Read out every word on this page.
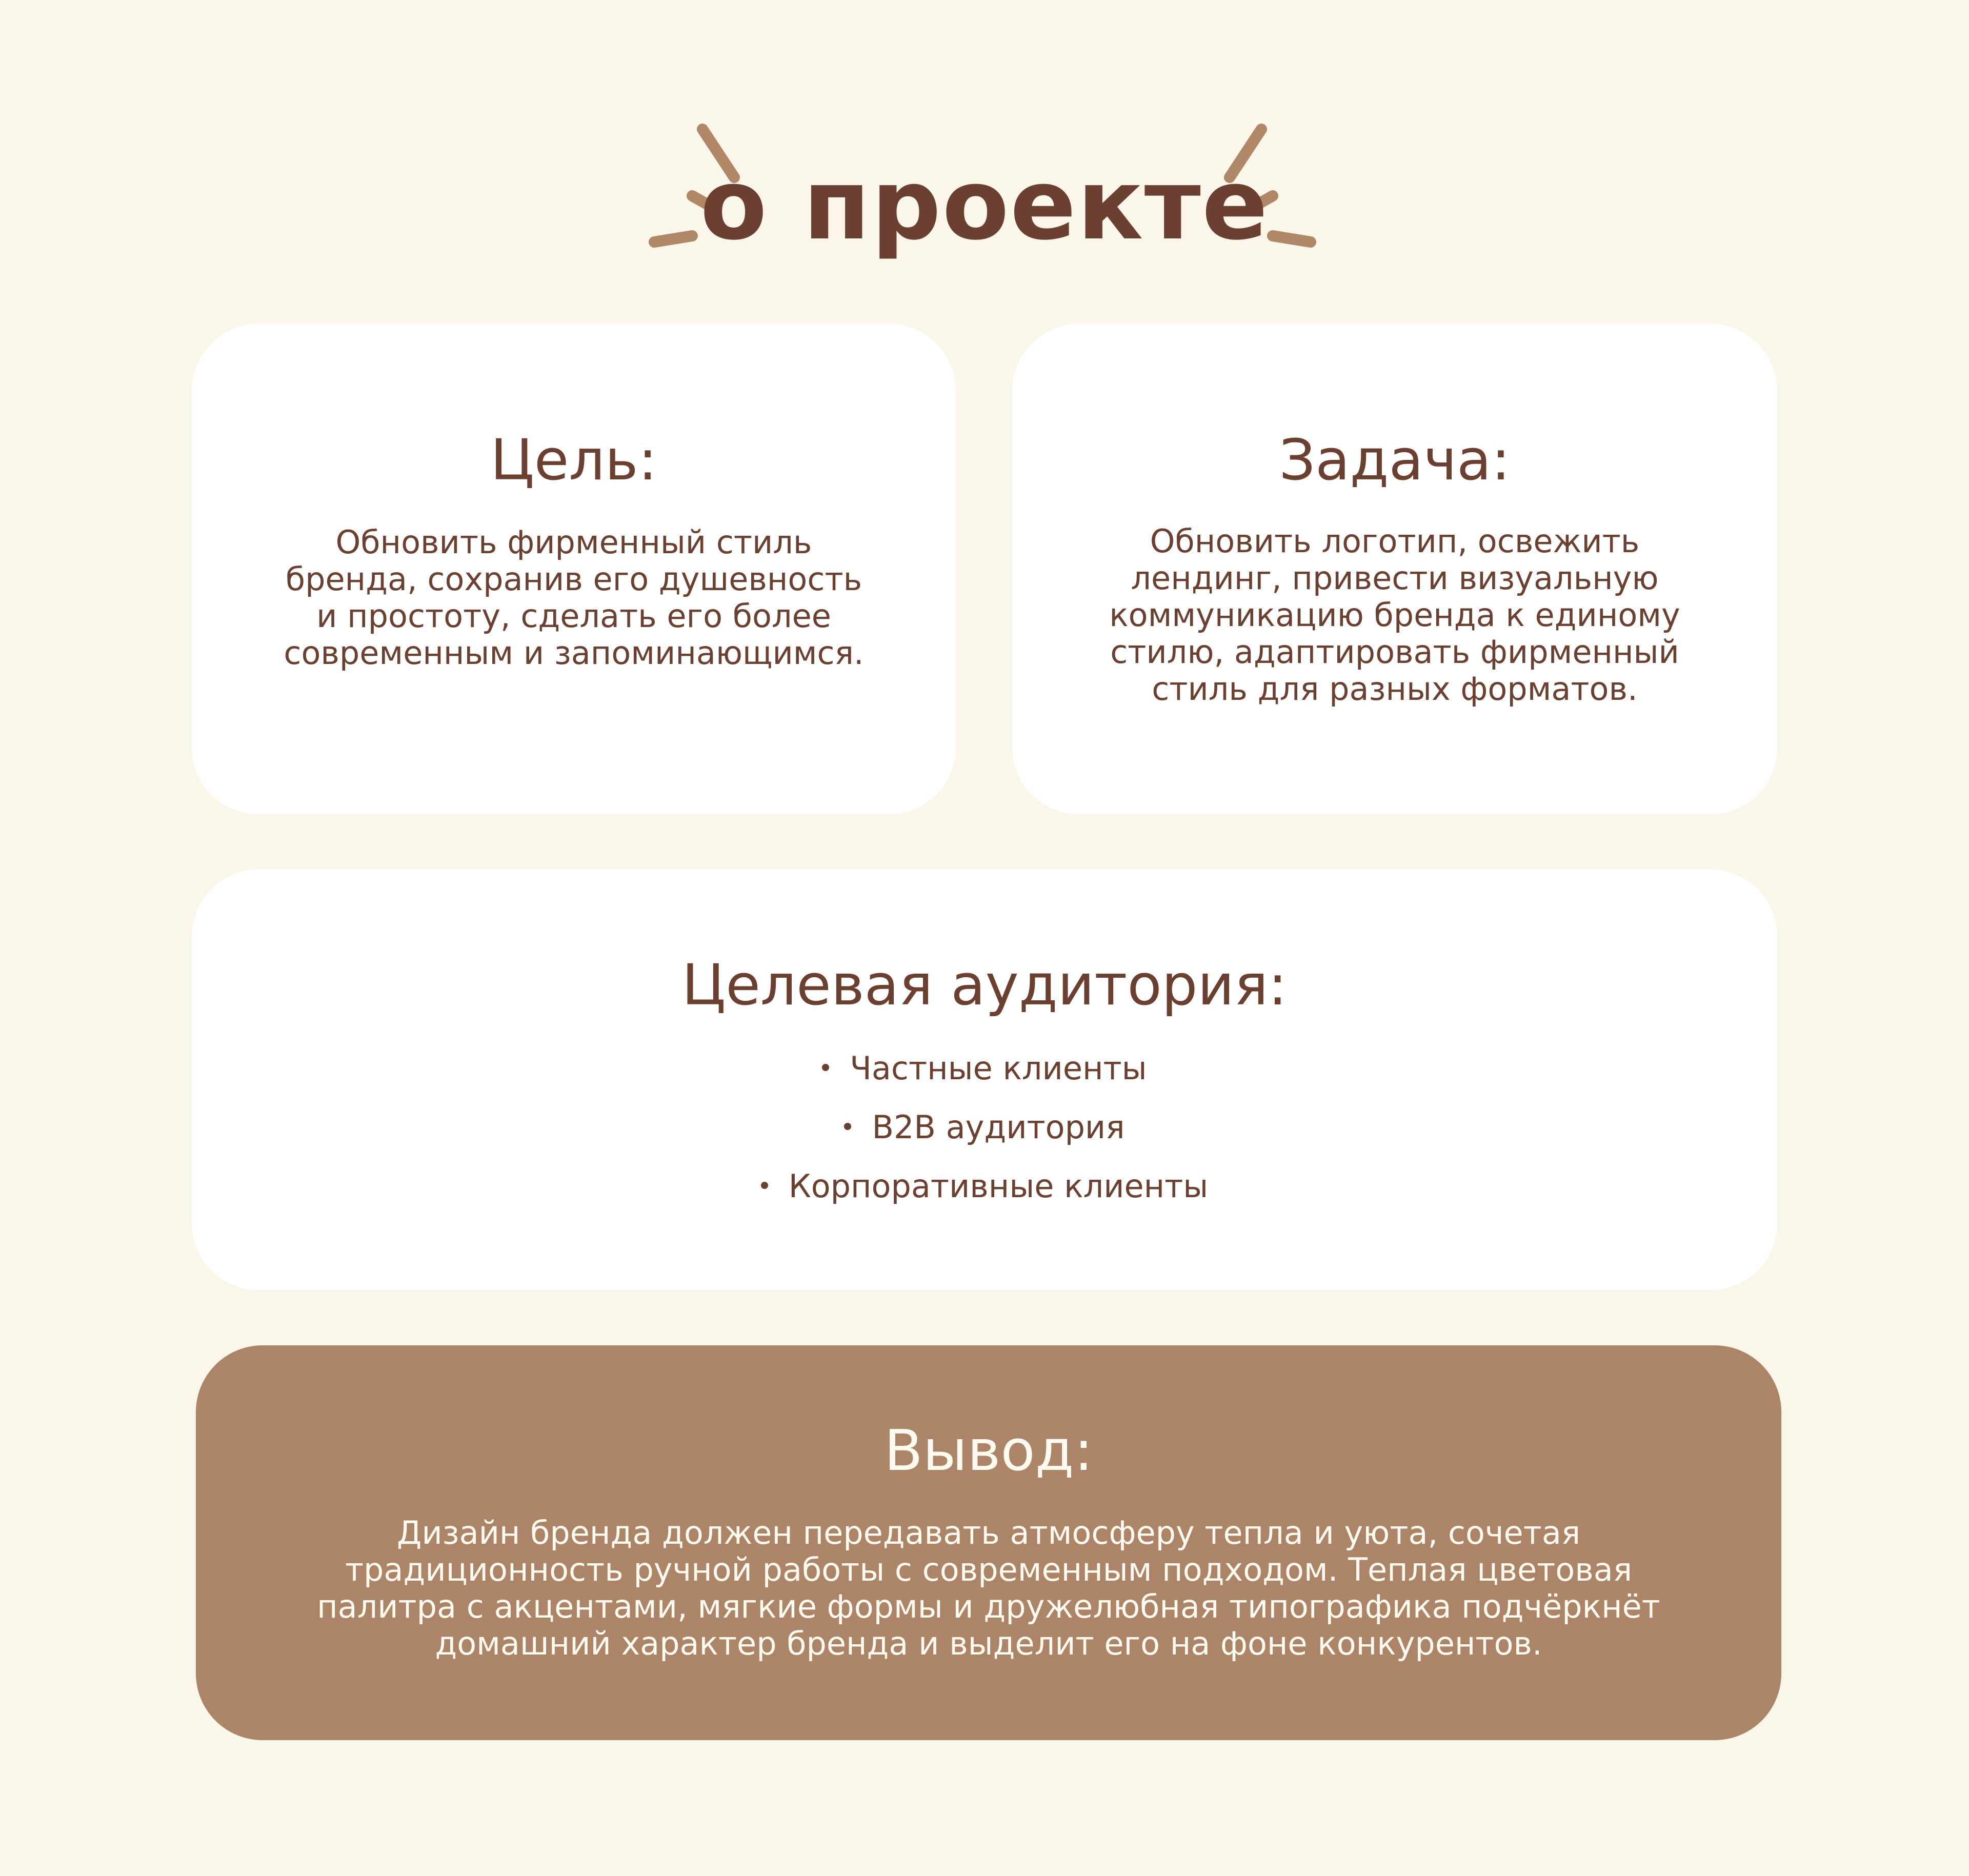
о проекте
Цель:
Обновить фирменный стиль
бренда, сохранив его душевность
и простоту, сделать его более
современным и запоминающимся.
Задача:
Обновить логотип, освежить
лендинг, привести визуальную
коммуникацию бренда к единому
стилю, адаптировать фирменный
стиль для разных форматов.
Целевая аудитория:
Частные клиенты
B2B аудитория
Корпоративные клиенты
Вывод:
Дизайн бренда должен передавать атмосферу тепла и уюта, сочетая
традиционность ручной работы с современным подходом. Теплая цветовая
палитра с акцентами, мягкие формы и дружелюбная типографика подчёркнёт
домашний характер бренда и выделит его на фоне конкурентов.
